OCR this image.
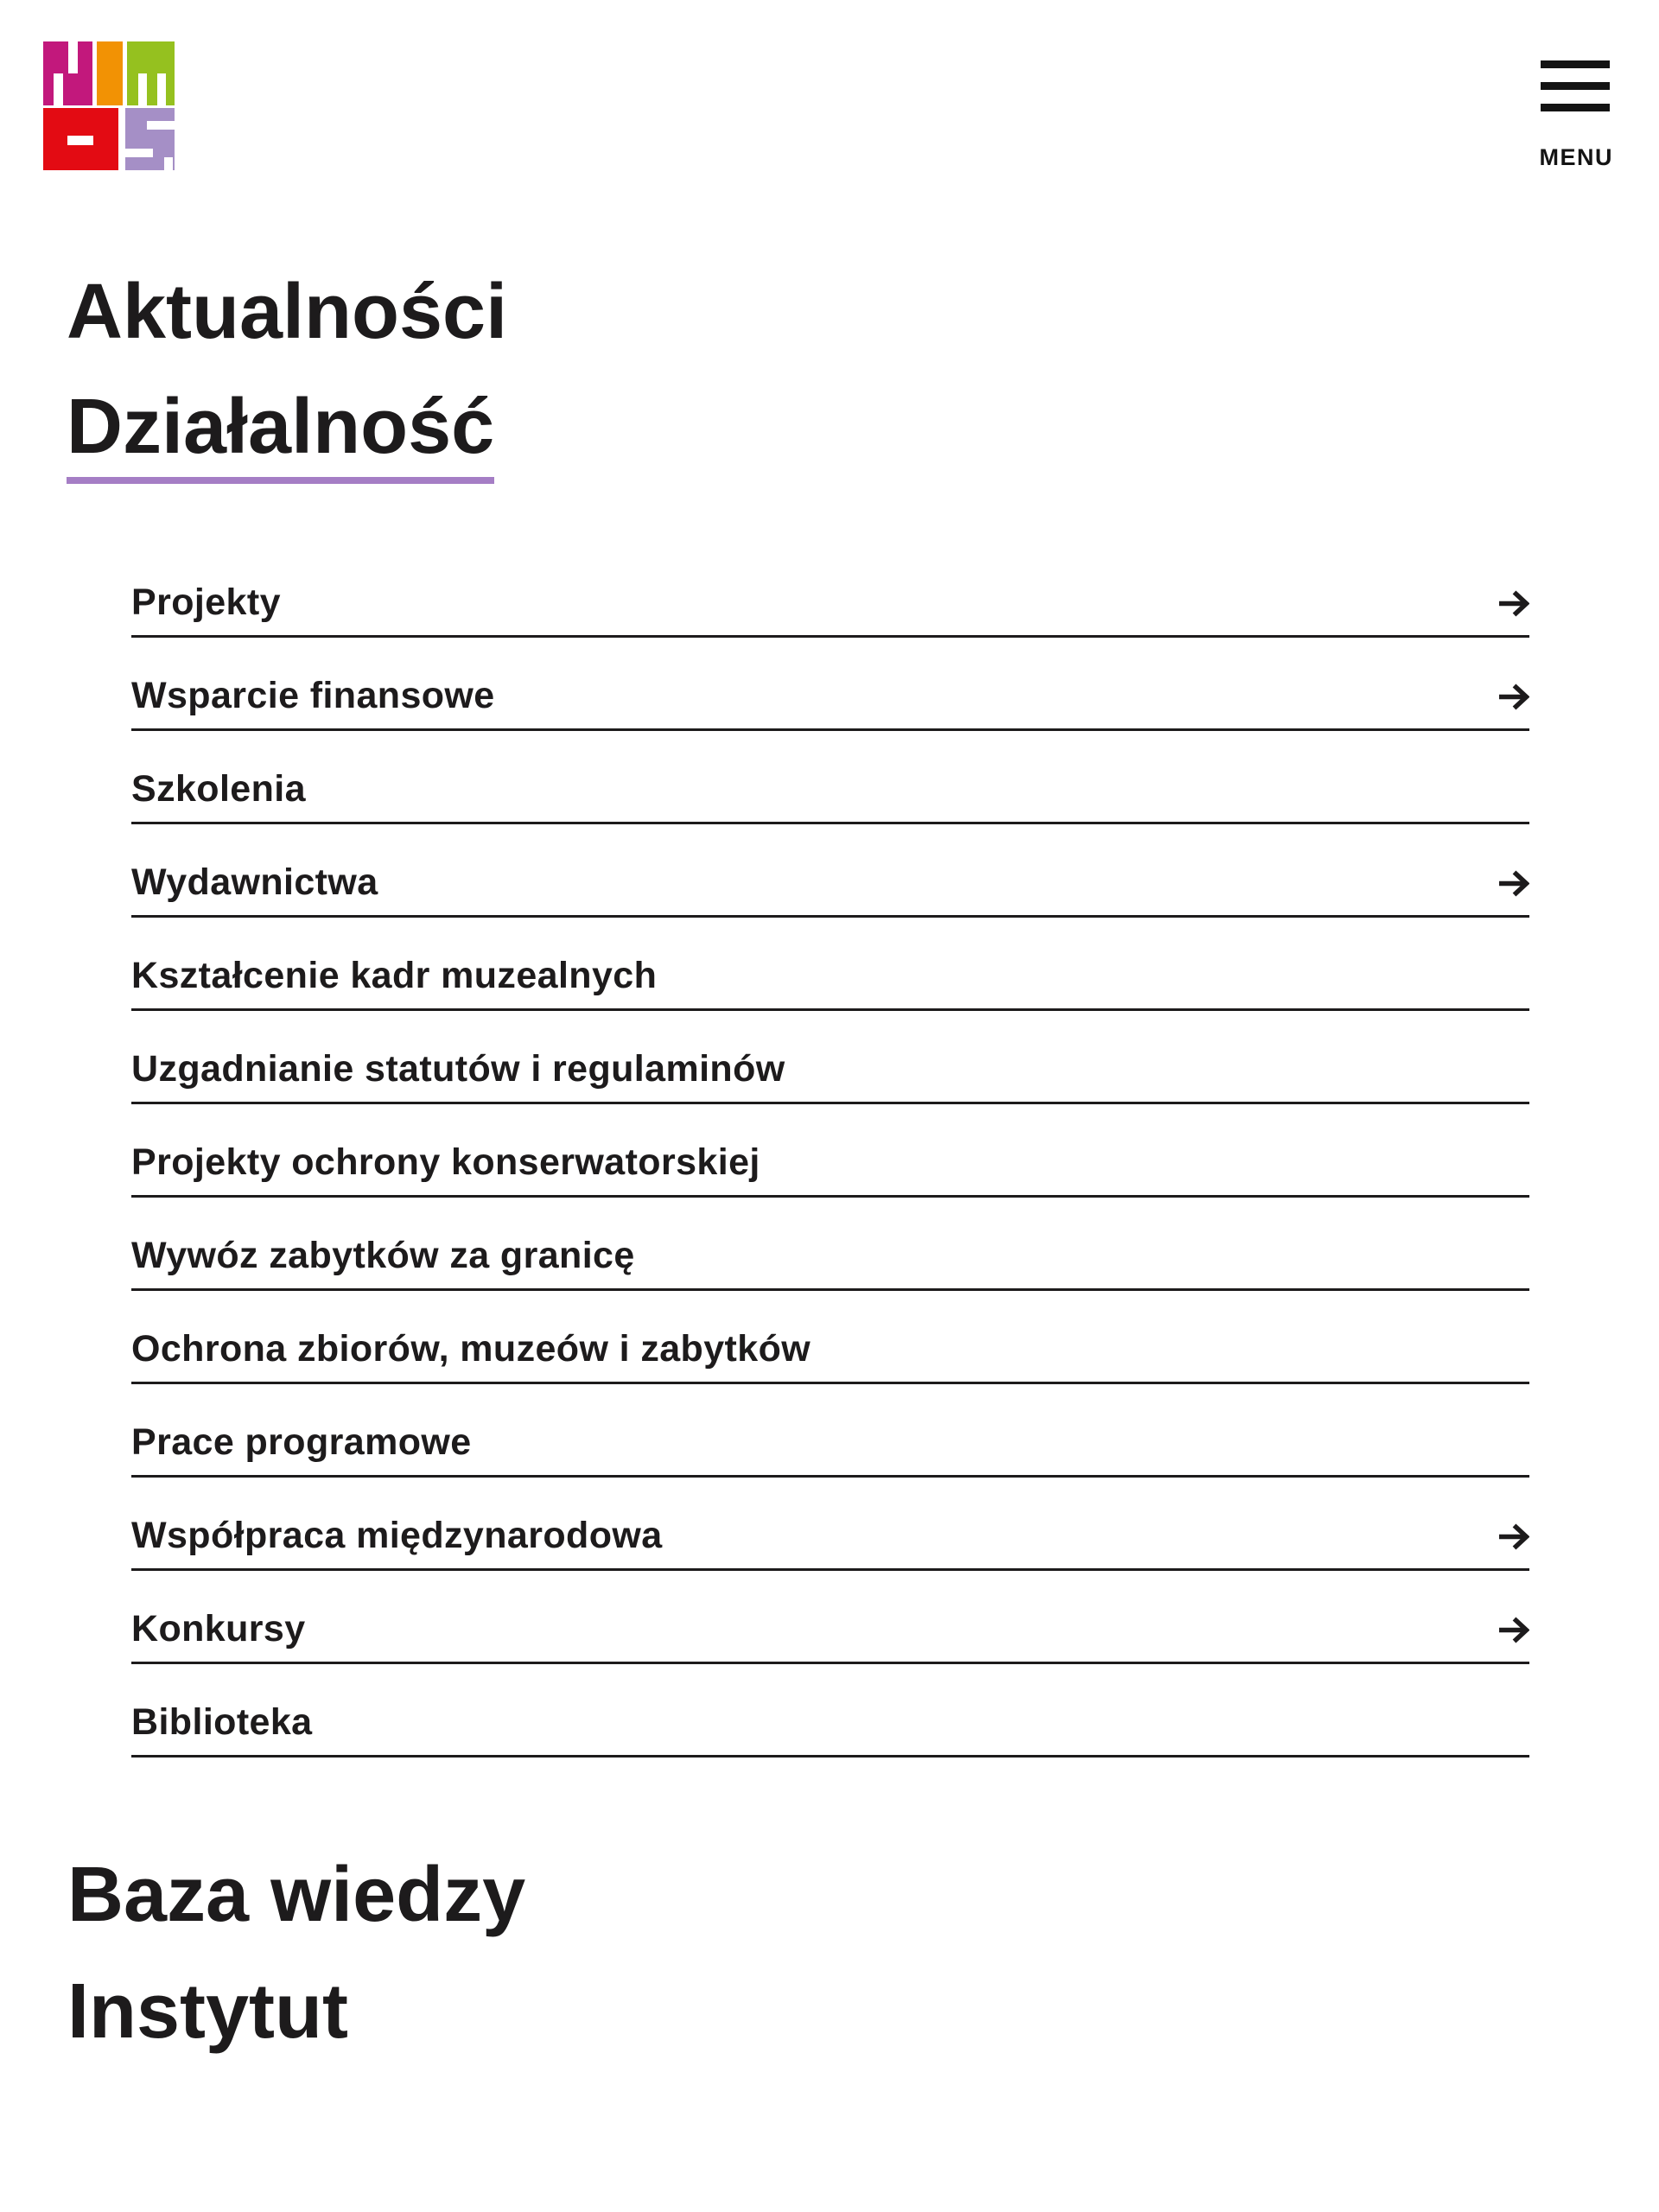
MENU
Aktualności
Działalność
Projekty
Wsparcie finansowe
Szkolenia
Wydawnictwa
Kształcenie kadr muzealnych
Uzgadnianie statutów i regulaminów
Projekty ochrony konserwatorskiej
Wywóz zabytków za granicę
Ochrona zbiorów, muzeów i zabytków
Prace programowe
Współpraca międzynarodowa
Konkursy
Biblioteka
Baza wiedzy
Instytut
